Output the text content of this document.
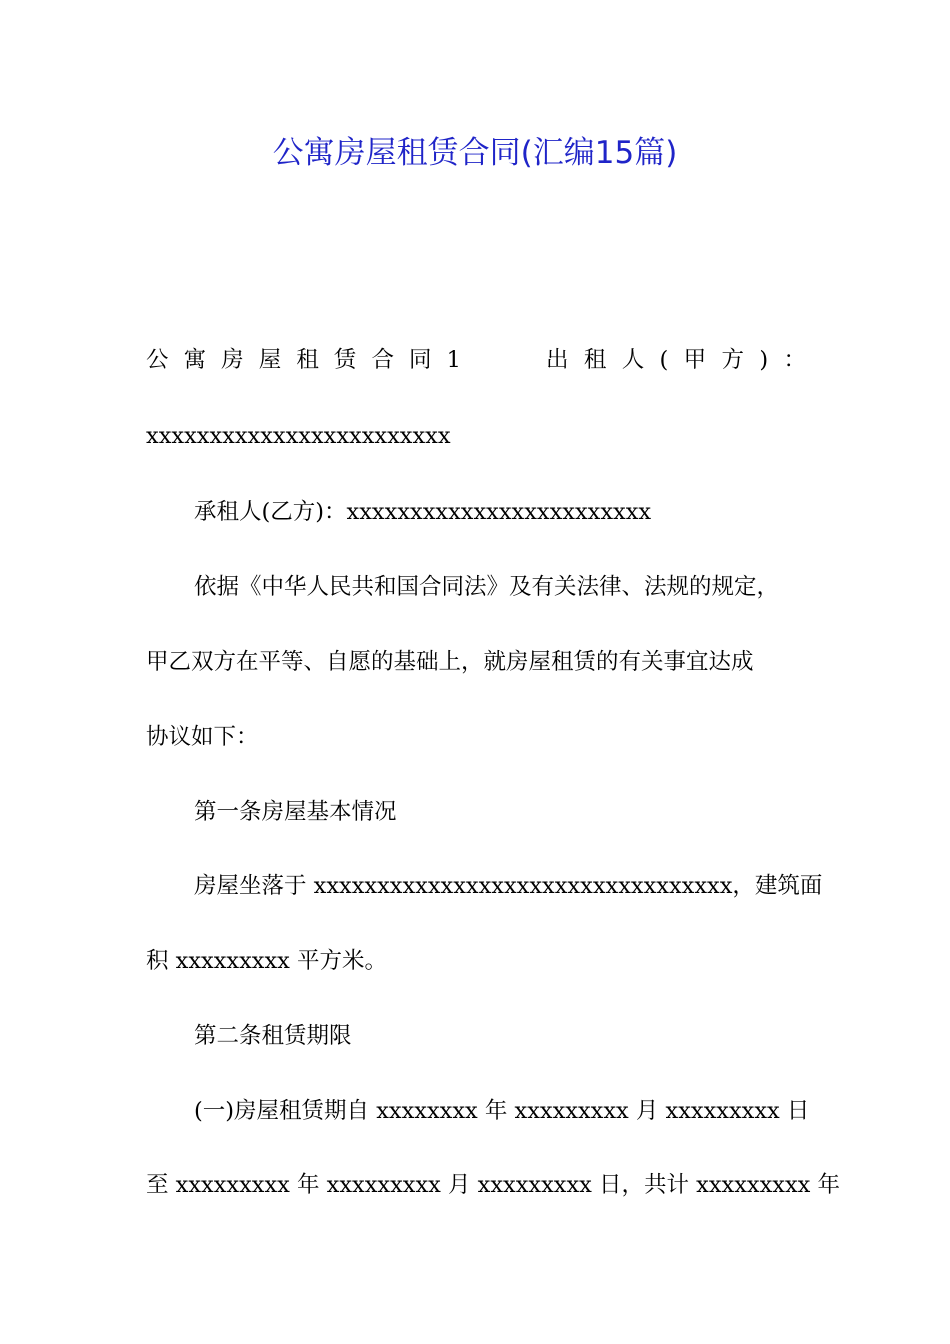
公寓房屋租赁合同(汇编15篇)
公 寓 房 屋 租 赁 合 同 1	出 租 人 ( 甲 方 ) ：
xxxxxxxxxxxxxxxxxxxxxxxx
承租人(乙方)：xxxxxxxxxxxxxxxxxxxxxxxx
依据《中华人民共和国合同法》及有关法律、法规的规定，
甲乙双方在平等、自愿的基础上，就房屋租赁的有关事宜达成
协议如下：
第一条房屋基本情况
房屋坐落于 xxxxxxxxxxxxxxxxxxxxxxxxxxxxxxxxx，建筑面
积 xxxxxxxxx 平方米。
第二条租赁期限
(一)房屋租赁期自 xxxxxxxx 年 xxxxxxxxx 月 xxxxxxxxx 日
至 xxxxxxxxx 年 xxxxxxxxx 月 xxxxxxxxx 日，共计 xxxxxxxxx 年
